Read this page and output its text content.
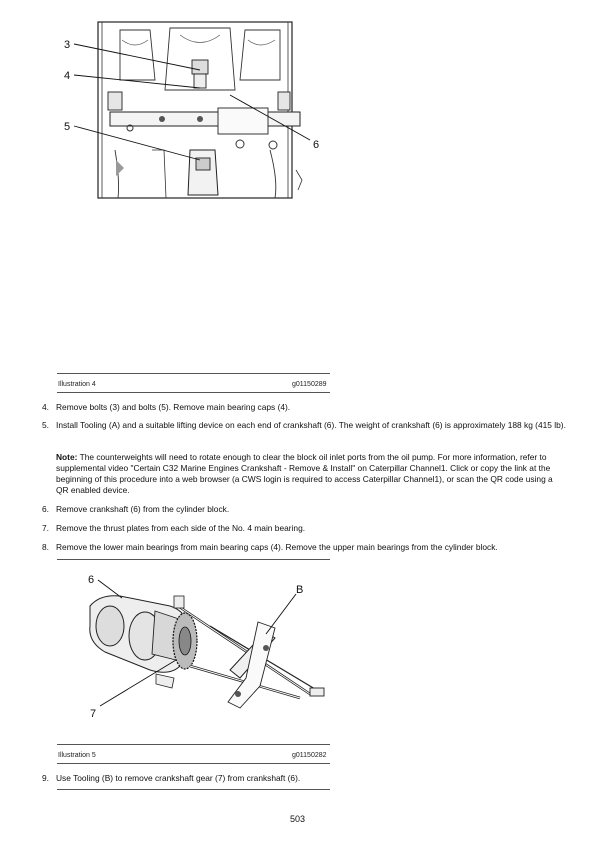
3
4
5
6
Illustration 4	g01150289
4. Remove bolts (3) and bolts (5). Remove main bearing caps (4).
5. Install Tooling (A) and a suitable lifting device on each end of crankshaft (6). The weight of crankshaft (6) is approximately 188 kg (415 lb).
Note: The counterweights will need to rotate enough to clear the block oil inlet ports from the oil pump. For more information, refer to supplemental video "Certain C32 Marine Engines Crankshaft - Remove & Install" on Caterpillar Channel1. Click or copy the link at the beginning of this procedure into a web browser (a CWS login is required to access Caterpillar Channel1), or scan the QR code using a QR enabled device.
6. Remove crankshaft (6) from the cylinder block.
7. Remove the thrust plates from each side of the No. 4 main bearing.
8. Remove the lower main bearings from main bearing caps (4). Remove the upper main bearings from the cylinder block.
6
B
7
Illustration 5	g01150282
9. Use Tooling (B) to remove crankshaft gear (7) from crankshaft (6).
503
